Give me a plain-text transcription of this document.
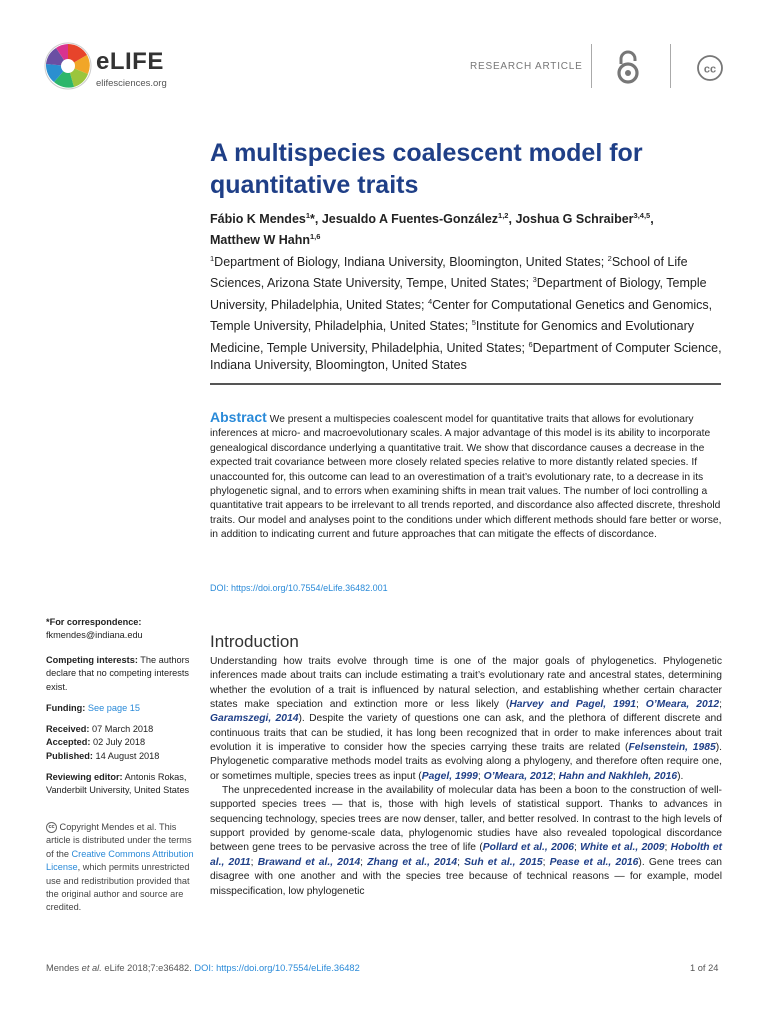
eLIFE
elifesciences.org
RESEARCH ARTICLE	cc
A multispecies coalescent model for
quantitative traits
Fábio K Mendes$^1$*, Jesualdo A Fuentes-González$^{1,2}$, Joshua G Schraiber$^{3,4,5}$,
Matthew W Hahn$^{1,6}$
$^1$Department of Biology, Indiana University, Bloomington, United States; $^2$School of Life Sciences, Arizona State University, Tempe, United States; $^3$Department of Biology, Temple University, Philadelphia, United States; $^4$Center for Computational Genetics and Genomics, Temple University, Philadelphia, United States; $^5$Institute for Genomics and Evolutionary Medicine, Temple University, Philadelphia, United States; $^6$Department of Computer Science, Indiana University, Bloomington, United States
Abstract We present a multispecies coalescent model for quantitative traits that allows for evolutionary inferences at micro- and macroevolutionary scales. A major advantage of this model is its ability to incorporate genealogical discordance underlying a quantitative trait. We show that discordance causes a decrease in the expected trait covariance between more closely related species relative to more distantly related species. If unaccounted for, this outcome can lead to an overestimation of a trait’s evolutionary rate, to a decrease in its phylogenetic signal, and to errors when examining shifts in mean trait values. The number of loci controlling a quantitative trait appears to be irrelevant to all trends reported, and discordance also affected discrete, threshold traits. Our model and analyses point to the conditions under which different methods should fare better or worse, in addition to indicating current and future approaches that can mitigate the effects of discordance.
DOI: https://doi.org/10.7554/eLife.36482.001
*For correspondence:
fkmendes@indiana.edu
Competing interests: The authors declare that no competing interests exist.
Funding: See page 15
Received: 07 March 2018
Accepted: 02 July 2018
Published: 14 August 2018
Reviewing editor: Antonis Rokas, Vanderbilt University, United States
cc Copyright Mendes et al. This article is distributed under the terms of the Creative Commons Attribution License, which permits unrestricted use and redistribution provided that the original author and source are credited.
Introduction

Understanding how traits evolve through time is one of the major goals of phylogenetics. Phylogenetic inferences made about traits can include estimating a trait’s evolutionary rate and ancestral states, determining whether the evolution of a trait is influenced by natural selection, and establishing whether certain character states make speciation and extinction more or less likely (Harvey and Pagel, 1991; O’Meara, 2012; Garamszegi, 2014). Despite the variety of questions one can ask, and the plethora of different discrete and continuous traits that can be studied, it has long been recognized that in order to make inferences about trait evolution it is imperative to consider how the species carrying these traits are related (Felsenstein, 1985). Phylogenetic comparative methods model traits as evolving along a phylogeny, and therefore often require one, or sometimes multiple, species trees as input (Pagel, 1999; O’Meara, 2012; Hahn and Nakhleh, 2016).

The unprecedented increase in the availability of molecular data has been a boon to the construction of well-supported species trees — that is, those with high levels of statistical support. Thanks to advances in sequencing technology, species trees are now denser, taller, and better resolved. In contrast to the high levels of support provided by genome-scale data, phylogenomic studies have also revealed topological discordance between gene trees to be pervasive across the tree of life (Pollard et al., 2006; White et al., 2009; Hobolth et al., 2011; Brawand et al., 2014; Zhang et al., 2014; Suh et al., 2015; Pease et al., 2016). Gene trees can disagree with one another and with the species tree because of technical reasons — for example, model misspecification, low phylogenetic

Mendes et al. eLife 2018;7:e36482. DOI: https://doi.org/10.7554/eLife.36482	1 of 24
